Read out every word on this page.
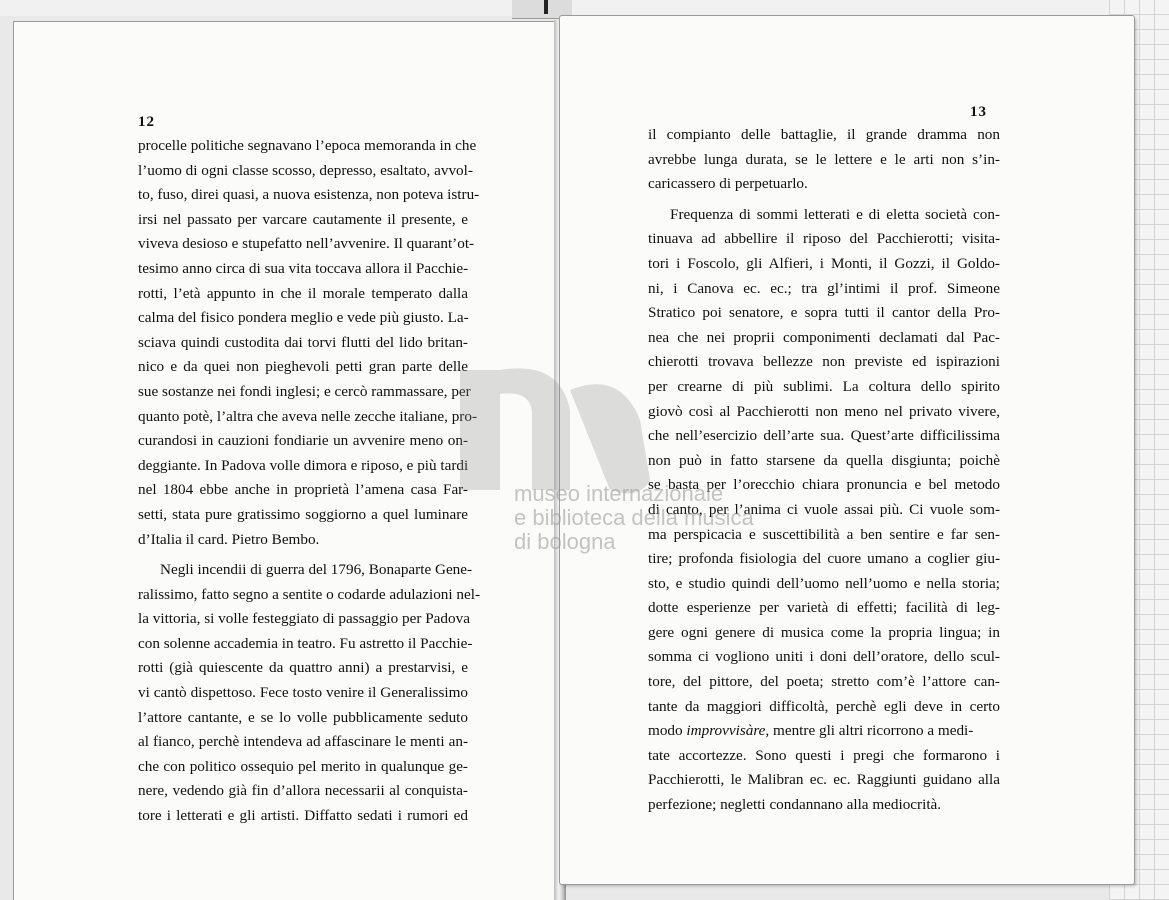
12
procelle politiche segnavano l’epoca memoranda in che
l’uomo di ogni classe scosso, depresso, esaltato, avvol-
to, fuso, direi quasi, a nuova esistenza, non poteva istru-
irsi nel passato per varcare cautamente il presente, e
viveva desioso e stupefatto nell’avvenire. Il quarant’ot-
tesimo anno circa di sua vita toccava allora il Pacchie-
rotti, l’età appunto in che il morale temperato dalla
calma del fisico pondera meglio e vede più giusto. La-
sciava quindi custodita dai torvi flutti del lido britan-
nico e da quei non pieghevoli petti gran parte delle
sue sostanze nei fondi inglesi; e cercò rammassare, per
quanto potè, l’altra che aveva nelle zecche italiane, pro-
curandosi in cauzioni fondiarie un avvenire meno on-
deggiante. In Padova volle dimora e riposo, e più tardi
nel 1804 ebbe anche in proprietà l’amena casa Far-
setti, stata pure gratissimo soggiorno a quel luminare
d’Italia il card. Pietro Bembo.
Negli incendii di guerra del 1796, Bonaparte Gene-
ralissimo, fatto segno a sentite o codarde adulazioni nel-
la vittoria, si volle festeggiato di passaggio per Padova
con solenne accademia in teatro. Fu astretto il Pacchie-
rotti (già quiescente da quattro anni) a prestarvisi, e
vi cantò dispettoso. Fece tosto venire il Generalissimo
l’attore cantante, e se lo volle pubblicamente seduto
al fianco, perchè intendeva ad affascinare le menti an-
che con politico ossequio pel merito in qualunque ge-
nere, vedendo già fin d’allora necessarii al conquista-
tore i letterati e gli artisti. Diffatto sedati i rumori ed
13
il compianto delle battaglie, il grande dramma non
avrebbe lunga durata, se le lettere e le arti non s’in-
caricassero di perpetuarlo.
Frequenza di sommi letterati e di eletta società con-
tinuava ad abbellire il riposo del Pacchierotti; visita-
tori i Foscolo, gli Alfieri, i Monti, il Gozzi, il Goldo-
ni, i Canova ec. ec.; tra gl’intimi il prof. Simeone
Stratico poi senatore, e sopra tutti il cantor della Pro-
nea che nei proprii componimenti declamati dal Pac-
chierotti trovava bellezze non previste ed ispirazioni
per crearne di più sublimi. La coltura dello spirito
giovò così al Pacchierotti non meno nel privato vivere,
che nell’esercizio dell’arte sua. Quest’arte difficilissima
non può in fatto starsene da quella disgiunta; poichè
se basta per l’orecchio chiara pronuncia e bel metodo
di canto, per l’anima ci vuole assai più. Ci vuole som-
ma perspicacia e suscettibilità a ben sentire e far sen-
tire; profonda fisiologia del cuore umano a coglier giu-
sto, e studio quindi dell’uomo nell’uomo e nella storia;
dotte esperienze per varietà di effetti; facilità di leg-
gere ogni genere di musica come la propria lingua; in
somma ci vogliono uniti i doni dell’oratore, dello scul-
tore, del pittore, del poeta; stretto com’è l’attore can-
tante da maggiori difficoltà, perchè egli deve in certo
modo improvvisàre, mentre gli altri ricorrono a medi-
tate accortezze. Sono questi i pregi che formarono i
Pacchierotti, le Malibran ec. ec. Raggiunti guidano alla
perfezione; negletti condannano alla mediocrità.
museo internazionale
e biblioteca della musica
di bologna
